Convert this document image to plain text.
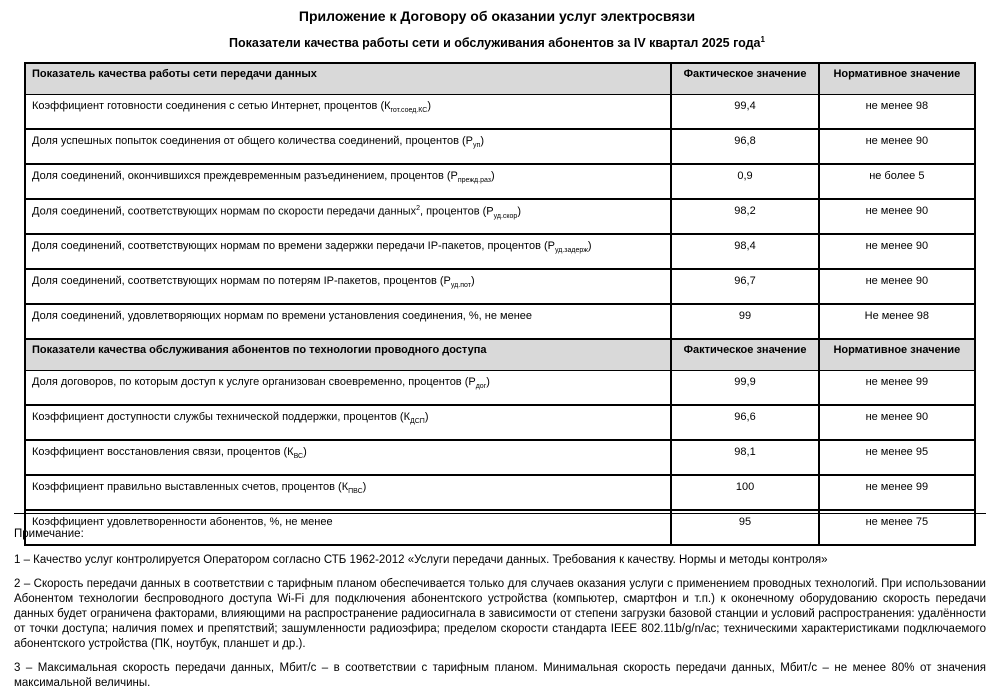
Приложение к Договору об оказании услуг электросвязи
Показатели качества работы сети и обслуживания абонентов за IV квартал 2025 года$^1$
Показатель качества работы сети передачи данных	Фактическое значение	Нормативное значение
Коэффициент готовности соединения с сетью Интернет, процентов $(К_{гот.соед.КС})$	99,4	не менее 98
Доля успешных попыток соединения от общего количества соединений, процентов $(Р_{уп})$	96,8	не менее 90
Доля соединений, окончившихся преждевременным разъединением, процентов $(Р_{прежд.раз})$	0,9	не более 5
Доля соединений, соответствующих нормам по скорости передачи данных$^2$, процентов $(Р_{уд.скор})$	98,2	не менее 90
Доля соединений, соответствующих нормам по времени задержки передачи IP-пакетов, процентов $(Р_{уд.задерж})$	98,4	не менее 90
Доля соединений, соответствующих нормам по потерям IP-пакетов, процентов $(Р_{уд.пот})$	96,7	не менее 90
Доля соединений, удовлетворяющих нормам по времени установления соединения, %, не менее	99	Не менее 98
Показатели качества обслуживания абонентов по технологии проводного доступа	Фактическое значение	Нормативное значение
Доля договоров, по которым доступ к услуге организован своевременно, процентов $(Р_{дог})$	99,9	не менее 99
Коэффициент доступности службы технической поддержки, процентов $(К_{ДСП})$	96,6	не менее 90
Коэффициент восстановления связи, процентов $(К_{ВС})$	98,1	не менее 95
Коэффициент правильно выставленных счетов, процентов $(К_{ПВС})$	100	не менее 99
Коэффициент удовлетворенности абонентов, %, не менее	95	не менее 75

Примечание:

1 – Качество услуг контролируется Оператором согласно СТБ 1962-2012 «Услуги передачи данных. Требования к качеству. Нормы и методы контроля»

2 – Скорость передачи данных в соответствии с тарифным планом обеспечивается только для случаев оказания услуги с применением проводных технологий. При использовании Абонентом технологии беспроводного доступа Wi-Fi для подключения абонентского устройства (компьютер, смартфон и т.п.) к оконечному оборудованию скорость передачи данных будет ограничена факторами, влияющими на распространение радиосигнала в зависимости от степени загрузки базовой станции и условий распространения: удалённости от точки доступа; наличия помех и препятствий; зашумленности радиоэфира; пределом скорости стандарта IEEE 802.11b/g/n/ac; техническими характеристиками подключаемого абонентского устройства (ПК, ноутбук, планшет и др.).

3 – Максимальная скорость передачи данных, Мбит/с – в соответствии с тарифным планом. Минимальная скорость передачи данных, Мбит/с – не менее 80% от значения максимальной величины.
